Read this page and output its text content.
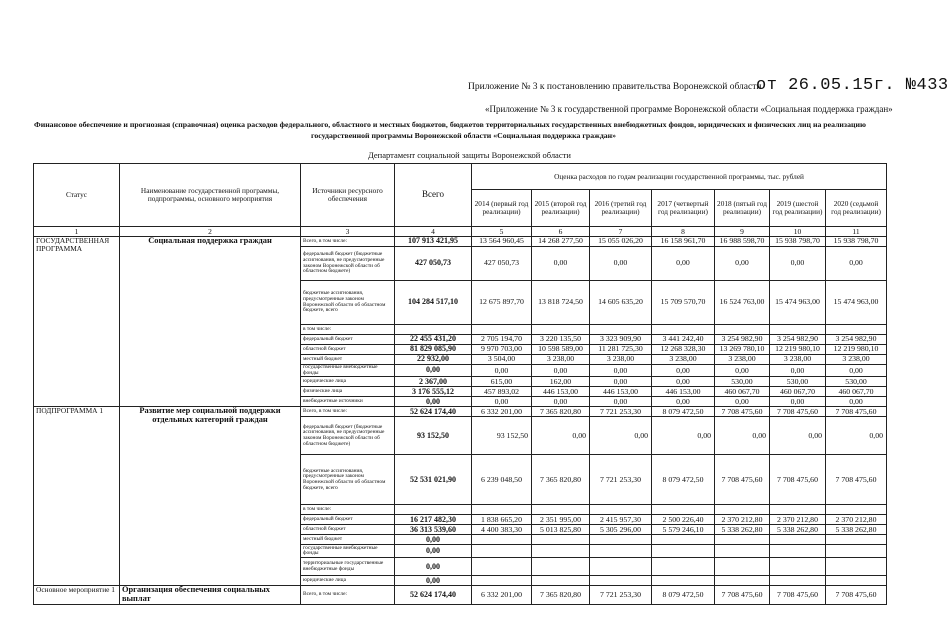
Приложение № 3 к постановлению правительства Воронежской области
от 26.05.15г. №433
«Приложение № 3 к государственной программе Воронежской области «Социальная поддержка граждан»
Финансовое обеспечение и прогнозная (справочная) оценка расходов федерального, областного и местных бюджетов, бюджетов территориальных государственных внебюджетных фондов, юридических и физических лиц на реализацию
государственной программы Воронежской области «Социальная поддержка граждан»
Департамент социальной защиты Воронежской области
Статус	Наименование государственной программы, подпрограммы, основного мероприятия	Источники ресурсного обеспечения	Всего	Оценка расходов по годам реализации государственной программы, тыс. рублей						
				2014 (первый год реализации)	2015 (второй год реализации)	2016 (третий год реализации)	2017 (четвертый год реализации)	2018 (пятый год реализации)	2019 (шестой год реализации)	2020 (седьмой год реализации)
1	2	3	4	5	6	7	8	9	10	11
ГОСУДАРСТВЕННАЯ ПРОГРАММА	Социальная поддержка граждан	Всего, в том числе:	107 913 421,95	13 564 960,45	14 268 277,50	15 055 026,20	16 158 961,70	16 988 598,70	15 938 798,70	15 938 798,70
		федеральный бюджет (бюджетные ассигнования, не предусмотренные законом Воронежской области об областном бюджете)	427 050,73	427 050,73	0,00	0,00	0,00	0,00	0,00	0,00
		бюджетные ассигнования, предусмотренные законом Воронежской области об областном бюджете, всего	104 284 517,10	12 675 897,70	13 818 724,50	14 605 635,20	15 709 570,70	16 524 763,00	15 474 963,00	15 474 963,00
		в том числе:								
		федеральный бюджет	22 455 431,20	2 705 194,70	3 220 135,50	3 323 909,90	3 441 242,40	3 254 982,90	3 254 982,90	3 254 982,90
		областной бюджет	81 829 085,90	9 970 703,00	10 598 589,00	11 281 725,30	12 268 328,30	13 269 780,10	12 219 980,10	12 219 980,10
		местный бюджет	22 932,00	3 504,00	3 238,00	3 238,00	3 238,00	3 238,00	3 238,00	3 238,00
		государственные внебюджетные фонды	0,00	0,00	0,00	0,00	0,00	0,00	0,00	0,00
		юридические лица	2 367,00	615,00	162,00	0,00	0,00	530,00	530,00	530,00
		физические лица	3 176 555,12	457 893,02	446 153,00	446 153,00	446 153,00	460 067,70	460 067,70	460 067,70
		внебюджетные источники	0,00	0,00	0,00	0,00	0,00	0,00	0,00	0,00
ПОДПРОГРАММА 1	Развитие мер социальной поддержки отдельных категорий граждан	Всего, в том числе:	52 624 174,40	6 332 201,00	7 365 820,80	7 721 253,30	8 079 472,50	7 708 475,60	7 708 475,60	7 708 475,60
		федеральный бюджет (бюджетные ассигнования, не предусмотренные законом Воронежской области об областном бюджете)	93 152,50	93 152,50	0,00	0,00	0,00	0,00	0,00	0,00
		бюджетные ассигнования, предусмотренные законом Воронежской области об областном бюджете, всего	52 531 021,90	6 239 048,50	7 365 820,80	7 721 253,30	8 079 472,50	7 708 475,60	7 708 475,60	7 708 475,60
		в том числе:								
		федеральный бюджет	16 217 482,30	1 838 665,20	2 351 995,00	2 415 957,30	2 500 226,40	2 370 212,80	2 370 212,80	2 370 212,80
		областной бюджет	36 313 539,60	4 400 383,30	5 013 825,80	5 305 296,00	5 579 246,10	5 338 262,80	5 338 262,80	5 338 262,80
		местный бюджет	0,00							
		государственные внебюджетные фонды	0,00							
		территориальные государственные внебюджетные фонды	0,00							
		юридические лица	0,00							
Основное мероприятие 1	Организация обеспечения социальных выплат	Всего, в том числе:	52 624 174,40	6 332 201,00	7 365 820,80	7 721 253,30	8 079 472,50	7 708 475,60	7 708 475,60	7 708 475,60
